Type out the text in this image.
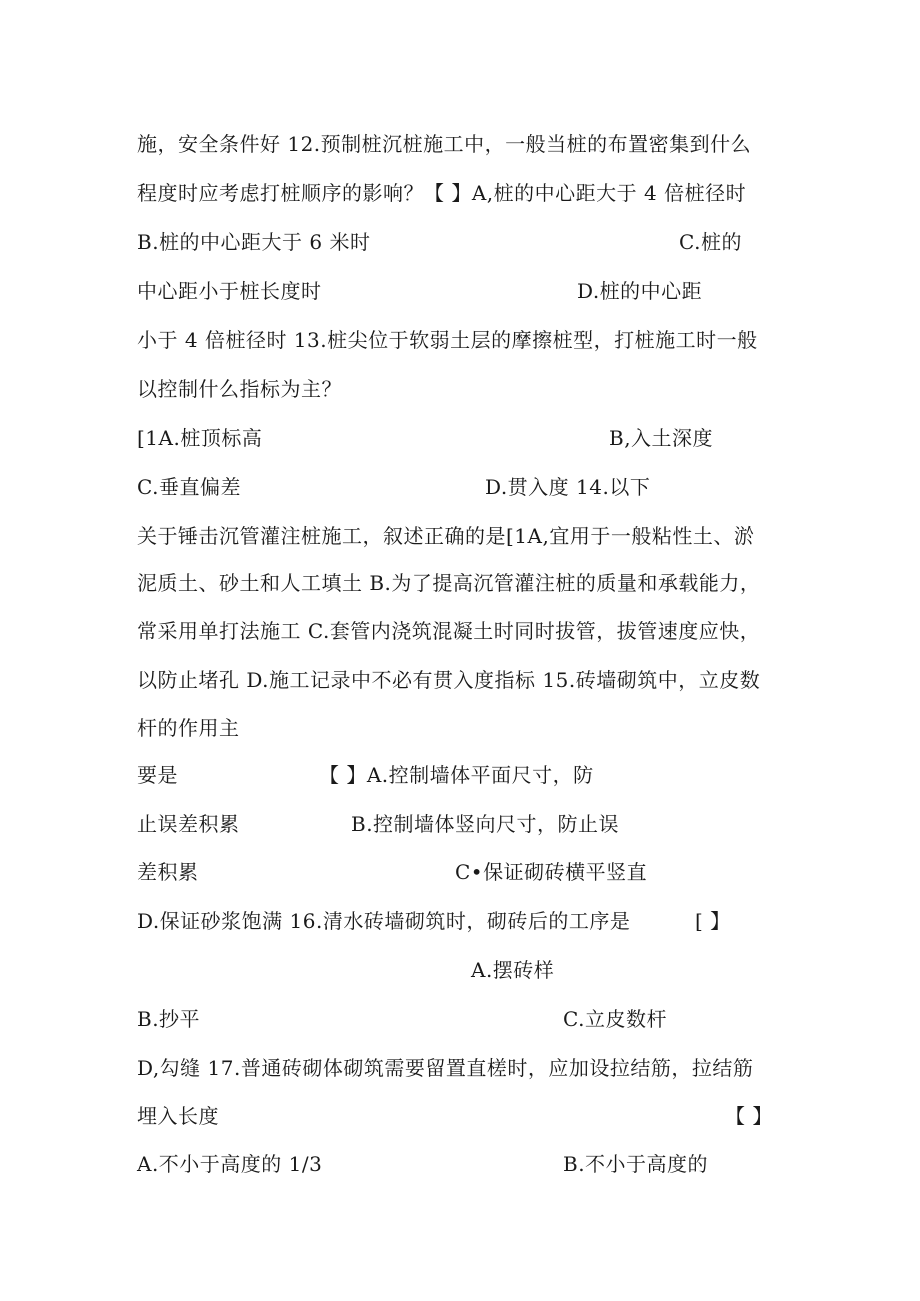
施，安全条件好 12.预制桩沉桩施工中，一般当桩的布置密集到什么
程度时应考虑打桩顺序的影响？【 】A,桩的中心距大于 4 倍桩径时
B.桩的中心距大于 6 米时	C.桩的
中心距小于桩长度时	D.桩的中心距
小于 4 倍桩径时 13.桩尖位于软弱土层的摩擦桩型，打桩施工时一般
以控制什么指标为主？
[1A.桩顶标高	B,入土深度
C.垂直偏差	D.贯入度 14.以下
关于锤击沉管灌注桩施工，叙述正确的是[1A,宜用于一般粘性土、淤
泥质土、砂土和人工填土 B.为了提高沉管灌注桩的质量和承载能力，
常采用单打法施工 C.套管内浇筑混凝土时同时拔管，拔管速度应快，
以防止堵孔 D.施工记录中不必有贯入度指标 15.砖墙砌筑中，立皮数
杆的作用主
要是	【 】A.控制墙体平面尺寸，防
止误差积累	B.控制墙体竖向尺寸，防止误
差积累	C•保证砌砖横平竖直
D.保证砂浆饱满 16.清水砖墙砌筑时，砌砖后的工序是	[ 】
A.摆砖样
B.抄平	C.立皮数杆
D,勾缝 17.普通砖砌体砌筑需要留置直槎时，应加设拉结筋，拉结筋
埋入长度	【 】
A.不小于高度的 1/3	B.不小于高度的
